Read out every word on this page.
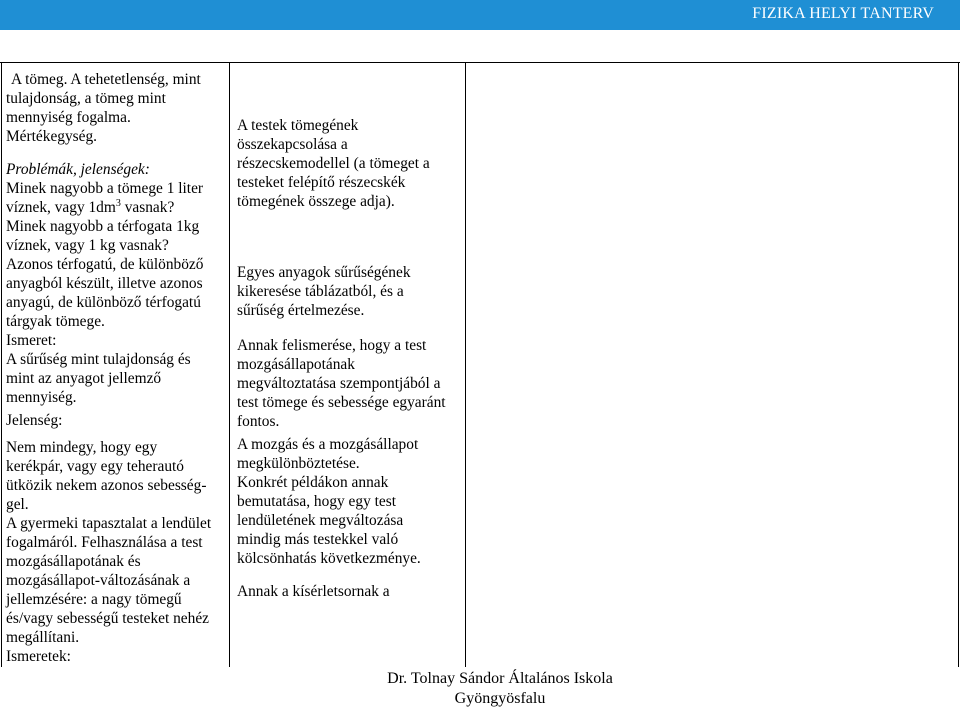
FIZIKA HELYI TANTERV

A tömeg. A tehetetlenség, mint

tulajdonság, a tömeg mint

mennyiség fogalma.

Mértékegység.

Problémák, jelenségek:

Minek nagyobb a tömege 1 liter

víznek, vagy $1dm^3$ vasnak?

Minek nagyobb a térfogata 1kg

víznek, vagy 1 kg vasnak?

Azonos térfogatú, de különböző

anyagból készült, illetve azonos

anyagú, de különböző térfogatú

tárgyak tömege.

Ismeret:

A sűrűség mint tulajdonság és

mint az anyagot jellemző

mennyiség.

Jelenség:

Nem mindegy, hogy egy

kerékpár, vagy egy teherautó

ütközik nekem azonos sebesség-

gel.

A gyermeki tapasztalat a lendület

fogalmáról. Felhasználása a test

mozgásállapotának és

mozgásállapot-változásának a

jellemzésére: a nagy tömegű

és/vagy sebességű testeket nehéz

megállítani.

Ismeretek:

A testek tömegének

összekapcsolása a

részecskemodellel (a tömeget a

testeket felépítő részecskék

tömegének összege adja).

Egyes anyagok sűrűségének

kikeresése táblázatból, és a

sűrűség értelmezése.

Annak felismerése, hogy a test

mozgásállapotának

megváltoztatása szempontjából a

test tömege és sebessége egyaránt

fontos.

A mozgás és a mozgásállapot

megkülönböztetése.

Konkrét példákon annak

bemutatása, hogy egy test

lendületének megváltozása

mindig más testekkel való

kölcsönhatás következménye.

Annak a kísérletsornak a

Dr. Tolnay Sándor Általános Iskola
Gyöngyösfalu
